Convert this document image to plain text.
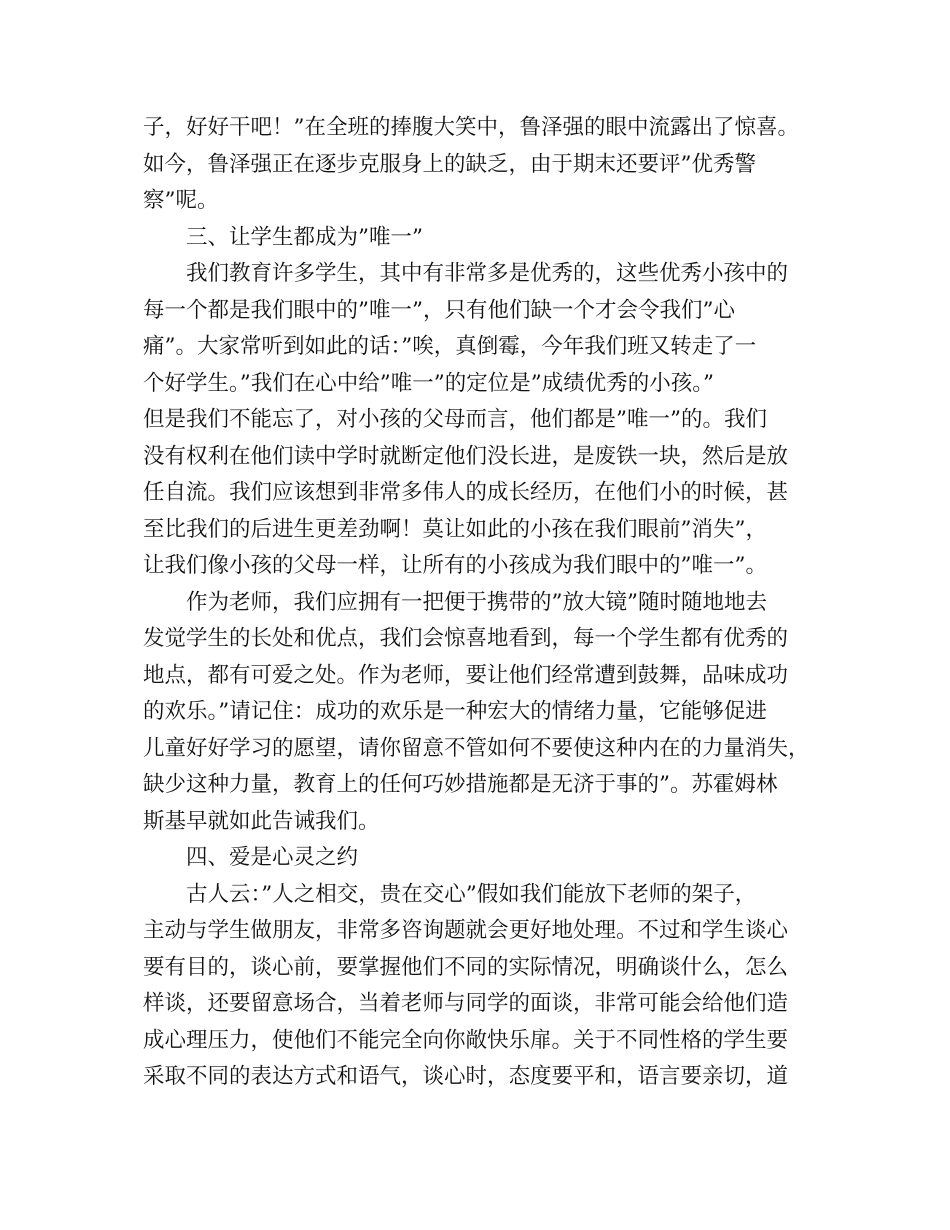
子，好好干吧！”在全班的捧腹大笑中，鲁泽强的眼中流露出了惊喜。
如今，鲁泽强正在逐步克服身上的缺乏，由于期末还要评”优秀警
察”呢。
三、让学生都成为”唯一”
我们教育许多学生，其中有非常多是优秀的，这些优秀小孩中的
每一个都是我们眼中的”唯一”，只有他们缺一个才会令我们”心
痛”。大家常听到如此的话：”唉，真倒霉，今年我们班又转走了一
个好学生。”我们在心中给”唯一”的定位是”成绩优秀的小孩。”
但是我们不能忘了，对小孩的父母而言，他们都是”唯一”的。我们
没有权利在他们读中学时就断定他们没长进，是废铁一块，然后是放
任自流。我们应该想到非常多伟人的成长经历，在他们小的时候，甚
至比我们的后进生更差劲啊！莫让如此的小孩在我们眼前”消失”，
让我们像小孩的父母一样，让所有的小孩成为我们眼中的”唯一”。
作为老师，我们应拥有一把便于携带的”放大镜”随时随地地去
发觉学生的长处和优点，我们会惊喜地看到，每一个学生都有优秀的
地点，都有可爱之处。作为老师，要让他们经常遭到鼓舞，品味成功
的欢乐。”请记住：成功的欢乐是一种宏大的情绪力量，它能够促进
儿童好好学习的愿望，请你留意不管如何不要使这种内在的力量消失，
缺少这种力量，教育上的任何巧妙措施都是无济于事的”。苏霍姆林
斯基早就如此告诫我们。
四、爱是心灵之约
古人云：”人之相交，贵在交心”假如我们能放下老师的架子，
主动与学生做朋友，非常多咨询题就会更好地处理。不过和学生谈心
要有目的，谈心前，要掌握他们不同的实际情况，明确谈什么，怎么
样谈，还要留意场合，当着老师与同学的面谈，非常可能会给他们造
成心理压力，使他们不能完全向你敞快乐扉。关于不同性格的学生要
采取不同的表达方式和语气，谈心时，态度要平和，语言要亲切，道
